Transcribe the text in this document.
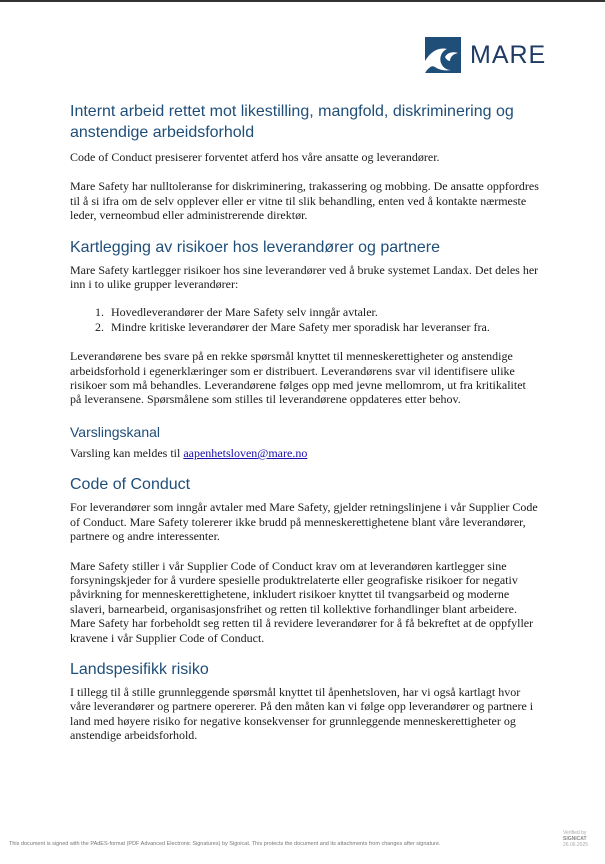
MARE
Internt arbeid rettet mot likestilling, mangfold, diskriminering og anstendige arbeidsforhold

Code of Conduct presiserer forventet atferd hos våre ansatte og leverandører.

Mare Safety har nulltoleranse for diskriminering, trakassering og mobbing. De ansatte oppfordres til å si ifra om de selv opplever eller er vitne til slik behandling, enten ved å kontakte nærmeste leder, verneombud eller administrerende direktør.

Kartlegging av risikoer hos leverandører og partnere

Mare Safety kartlegger risikoer hos sine leverandører ved å bruke systemet Landax. Det deles her inn i to ulike grupper leverandører:

1. Hovedleverandører der Mare Safety selv inngår avtaler.
2. Mindre kritiske leverandører der Mare Safety mer sporadisk har leveranser fra.

Leverandørene bes svare på en rekke spørsmål knyttet til menneskerettigheter og anstendige arbeidsforhold i egenerklæringer som er distribuert. Leverandørens svar vil identifisere ulike risikoer som må behandles. Leverandørene følges opp med jevne mellomrom, ut fra kritikalitet på leveransene. Spørsmålene som stilles til leverandørene oppdateres etter behov.

Varslingskanal

Varsling kan meldes til aapenhetsloven@mare.no

Code of Conduct

For leverandører som inngår avtaler med Mare Safety, gjelder retningslinjene i vår Supplier Code of Conduct. Mare Safety tolererer ikke brudd på menneskerettighetene blant våre leverandører, partnere og andre interessenter.

Mare Safety stiller i vår Supplier Code of Conduct krav om at leverandøren kartlegger sine forsyningskjeder for å vurdere spesielle produktrelaterte eller geografiske risikoer for negativ påvirkning for menneskerettighetene, inkludert risikoer knyttet til tvangsarbeid og moderne slaveri, barnearbeid, organisasjonsfrihet og retten til kollektive forhandlinger blant arbeidere. Mare Safety har forbeholdt seg retten til å revidere leverandører for å få bekreftet at de oppfyller kravene i vår Supplier Code of Conduct.

Landspesifikk risiko

I tillegg til å stille grunnleggende spørsmål knyttet til åpenhetsloven, har vi også kartlagt hvor våre leverandører og partnere opererer. På den måten kan vi følge opp leverandører og partnere i land med høyere risiko for negative konsekvenser for grunnleggende menneskerettigheter og anstendige arbeidsforhold.

This document is signed with the PAdES-format (PDF Advanced Electronic Signatures) by Signicat. This protects the document and its attachments from changes after signature.
Verified by
SIGNICAT
26.06.2025
